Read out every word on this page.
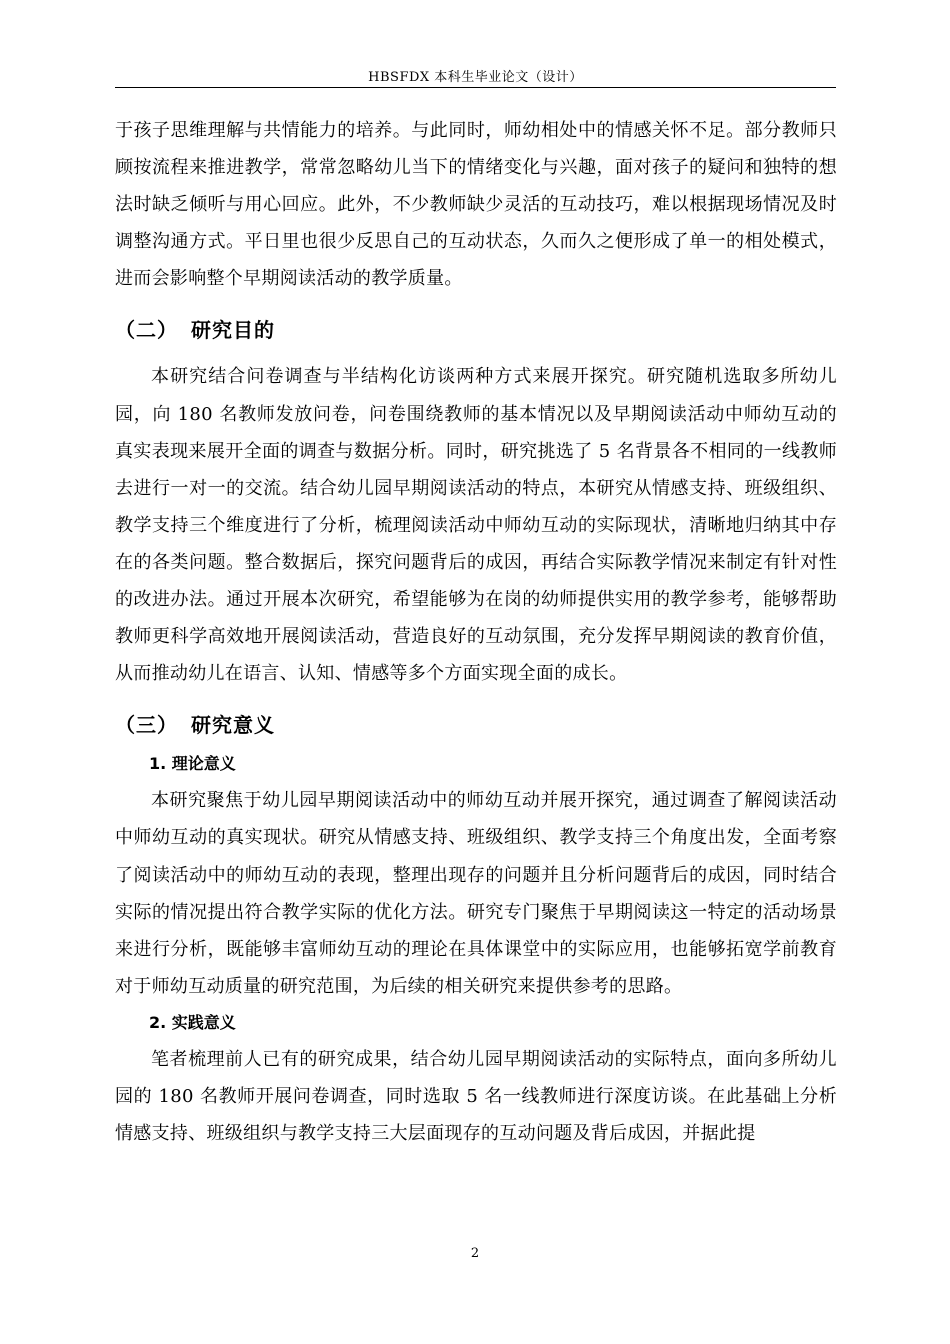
HBSFDX 本科生毕业论文（设计）

于孩子思维理解与共情能力的培养。与此同时，师幼相处中的情感关怀不足。部分教师只顾按流程来推进教学，常常忽略幼儿当下的情绪变化与兴趣，面对孩子的疑问和独特的想法时缺乏倾听与用心回应。此外，不少教师缺少灵活的互动技巧，难以根据现场情况及时调整沟通方式。平日里也很少反思自己的互动状态，久而久之便形成了单一的相处模式，进而会影响整个早期阅读活动的教学质量。

（二） 研究目的

本研究结合问卷调查与半结构化访谈两种方式来展开探究。研究随机选取多所幼儿园，向 180 名教师发放问卷，问卷围绕教师的基本情况以及早期阅读活动中师幼互动的真实表现来展开全面的调查与数据分析。同时，研究挑选了 5 名背景各不相同的一线教师去进行一对一的交流。结合幼儿园早期阅读活动的特点，本研究从情感支持、班级组织、教学支持三个维度进行了分析，梳理阅读活动中师幼互动的实际现状，清晰地归纳其中存在的各类问题。整合数据后，探究问题背后的成因，再结合实际教学情况来制定有针对性的改进办法。通过开展本次研究，希望能够为在岗的幼师提供实用的教学参考，能够帮助教师更科学高效地开展阅读活动，营造良好的互动氛围，充分发挥早期阅读的教育价值，从而推动幼儿在语言、认知、情感等多个方面实现全面的成长。

（三） 研究意义
1. 理论意义

本研究聚焦于幼儿园早期阅读活动中的师幼互动并展开探究，通过调查了解阅读活动中师幼互动的真实现状。研究从情感支持、班级组织、教学支持三个角度出发，全面考察了阅读活动中的师幼互动的表现，整理出现存的问题并且分析问题背后的成因，同时结合实际的情况提出符合教学实际的优化方法。研究专门聚焦于早期阅读这一特定的活动场景来进行分析，既能够丰富师幼互动的理论在具体课堂中的实际应用，也能够拓宽学前教育对于师幼互动质量的研究范围，为后续的相关研究来提供参考的思路。

2. 实践意义

笔者梳理前人已有的研究成果，结合幼儿园早期阅读活动的实际特点，面向多所幼儿园的 180 名教师开展问卷调查，同时选取 5 名一线教师进行深度访谈。在此基础上分析情感支持、班级组织与教学支持三大层面现存的互动问题及背后成因，并据此提

2
